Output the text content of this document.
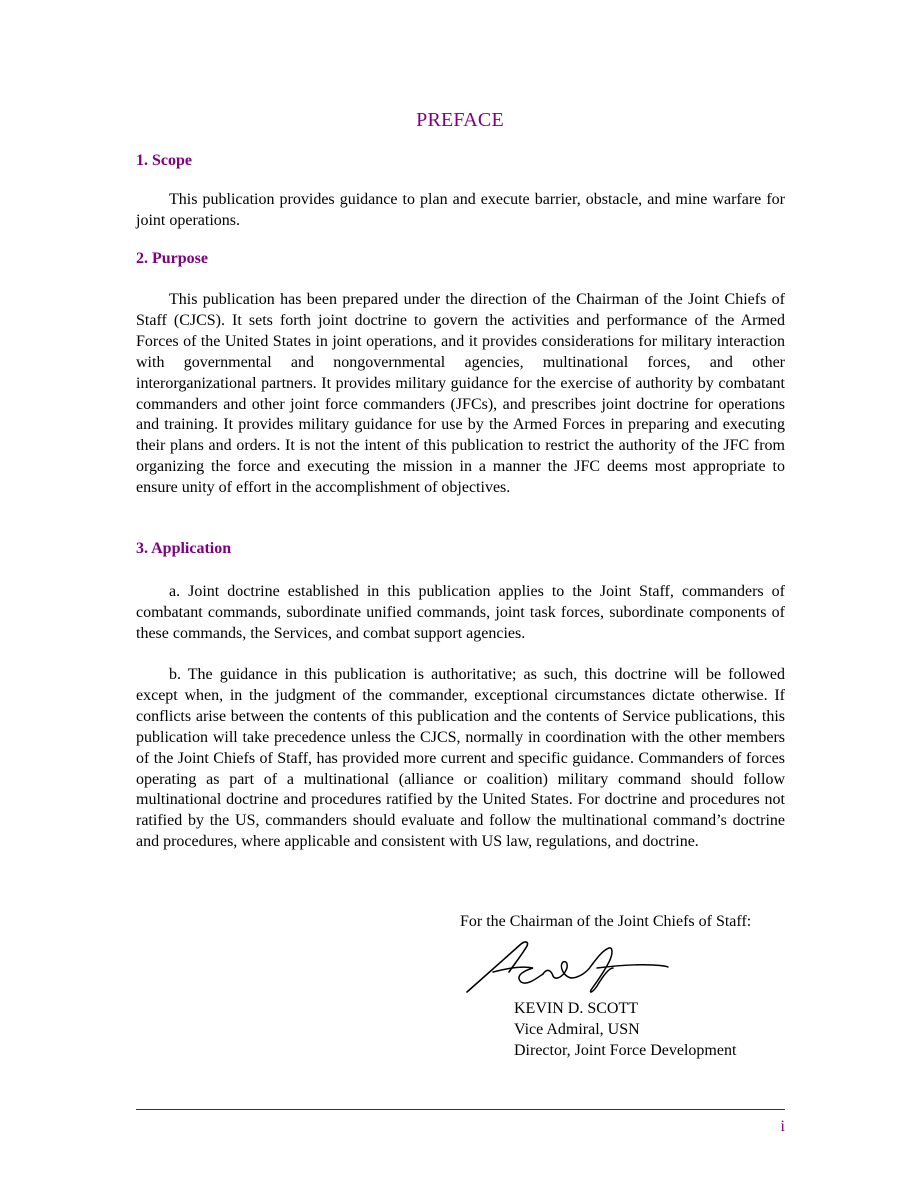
PREFACE
1. Scope
This publication provides guidance to plan and execute barrier, obstacle, and mine warfare for joint operations.
2. Purpose
This publication has been prepared under the direction of the Chairman of the Joint Chiefs of Staff (CJCS). It sets forth joint doctrine to govern the activities and performance of the Armed Forces of the United States in joint operations, and it provides considerations for military interaction with governmental and nongovernmental agencies, multinational forces, and other interorganizational partners. It provides military guidance for the exercise of authority by combatant commanders and other joint force commanders (JFCs), and prescribes joint doctrine for operations and training. It provides military guidance for use by the Armed Forces in preparing and executing their plans and orders. It is not the intent of this publication to restrict the authority of the JFC from organizing the force and executing the mission in a manner the JFC deems most appropriate to ensure unity of effort in the accomplishment of objectives.
3. Application
a. Joint doctrine established in this publication applies to the Joint Staff, commanders of combatant commands, subordinate unified commands, joint task forces, subordinate components of these commands, the Services, and combat support agencies.
b. The guidance in this publication is authoritative; as such, this doctrine will be followed except when, in the judgment of the commander, exceptional circumstances dictate otherwise. If conflicts arise between the contents of this publication and the contents of Service publications, this publication will take precedence unless the CJCS, normally in coordination with the other members of the Joint Chiefs of Staff, has provided more current and specific guidance. Commanders of forces operating as part of a multinational (alliance or coalition) military command should follow multinational doctrine and procedures ratified by the United States. For doctrine and procedures not ratified by the US, commanders should evaluate and follow the multinational command’s doctrine and procedures, where applicable and consistent with US law, regulations, and doctrine.
For the Chairman of the Joint Chiefs of Staff:
KEVIN D. SCOTT
Vice Admiral, USN
Director, Joint Force Development
i
